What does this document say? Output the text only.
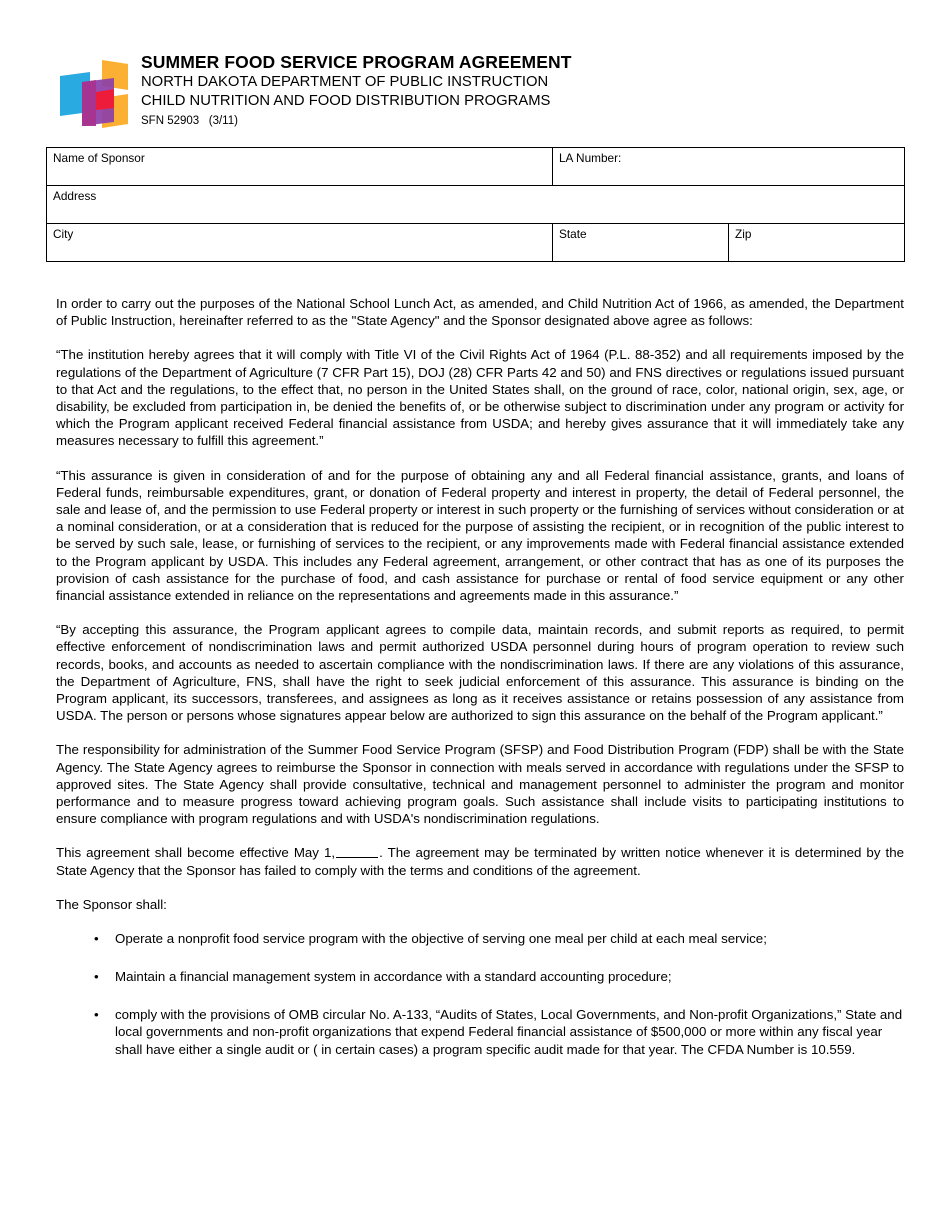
SUMMER FOOD SERVICE PROGRAM AGREEMENT
NORTH DAKOTA DEPARTMENT OF PUBLIC INSTRUCTION
CHILD NUTRITION AND FOOD DISTRIBUTION PROGRAMS
SFN 52903   (3/11)
Name of Sponsor	LA Number:	

Address		

City	State	Zip

In order to carry out the purposes of the National School Lunch Act, as amended, and Child Nutrition Act of 1966, as amended, the Department of Public Instruction, hereinafter referred to as the "State Agency" and the Sponsor designated above agree as follows:

“The institution hereby agrees that it will comply with Title VI of the Civil Rights Act of 1964 (P.L. 88-352) and all requirements imposed by the regulations of the Department of Agriculture (7 CFR Part 15), DOJ (28) CFR Parts 42 and 50) and FNS directives or regulations issued pursuant to that Act and the regulations, to the effect that, no person in the United States shall, on the ground of race, color, national origin, sex, age, or disability, be excluded from participation in, be denied the benefits of, or be otherwise subject to discrimination under any program or activity for which the Program applicant received Federal financial assistance from USDA; and hereby gives assurance that it will immediately take any measures necessary to fulfill this agreement.”

“This assurance is given in consideration of and for the purpose of obtaining any and all Federal financial assistance, grants, and loans of Federal funds, reimbursable expenditures, grant, or donation of Federal property and interest in property, the detail of Federal personnel, the sale and lease of, and the permission to use Federal property or interest in such property or the furnishing of services without consideration or at a nominal consideration, or at a consideration that is reduced for the purpose of assisting the recipient, or in recognition of the public interest to be served by such sale, lease, or furnishing of services to the recipient, or any improvements made with Federal financial assistance extended to the Program applicant by USDA. This includes any Federal agreement, arrangement, or other contract that has as one of its purposes the provision of cash assistance for the purchase of food, and cash assistance for purchase or rental of food service equipment or any other financial assistance extended in reliance on the representations and agreements made in this assurance.”

“By accepting this assurance, the Program applicant agrees to compile data, maintain records, and submit reports as required, to permit effective enforcement of nondiscrimination laws and permit authorized USDA personnel during hours of program operation to review such records, books, and accounts as needed to ascertain compliance with the nondiscrimination laws. If there are any violations of this assurance, the Department of Agriculture, FNS, shall have the right to seek judicial enforcement of this assurance. This assurance is binding on the Program applicant, its successors, transferees, and assignees as long as it receives assistance or retains possession of any assistance from USDA. The person or persons whose signatures appear below are authorized to sign this assurance on the behalf of the Program applicant.”

The responsibility for administration of the Summer Food Service Program (SFSP) and Food Distribution Program (FDP) shall be with the State Agency. The State Agency agrees to reimburse the Sponsor in connection with meals served in accordance with regulations under the SFSP to approved sites. The State Agency shall provide consultative, technical and management personnel to administer the program and monitor performance and to measure progress toward achieving program goals. Such assistance shall include visits to participating institutions to ensure compliance with program regulations and with USDA's nondiscrimination regulations.

This agreement shall become effective May 1,	. The agreement may be terminated by written notice whenever it is determined by the State Agency that the Sponsor has failed to comply with the terms and conditions of the agreement.

The Sponsor shall:

• Operate a nonprofit food service program with the objective of serving one meal per child at each meal service;
• Maintain a financial management system in accordance with a standard accounting procedure;
• comply with the provisions of OMB circular No. A-133, “Audits of States, Local Governments, and Non-profit Organizations,” State and local governments and non-profit organizations that expend Federal financial assistance of $500,000 or more within any fiscal year shall have either a single audit or ( in certain cases) a program specific audit made for that year. The CFDA Number is 10.559.
